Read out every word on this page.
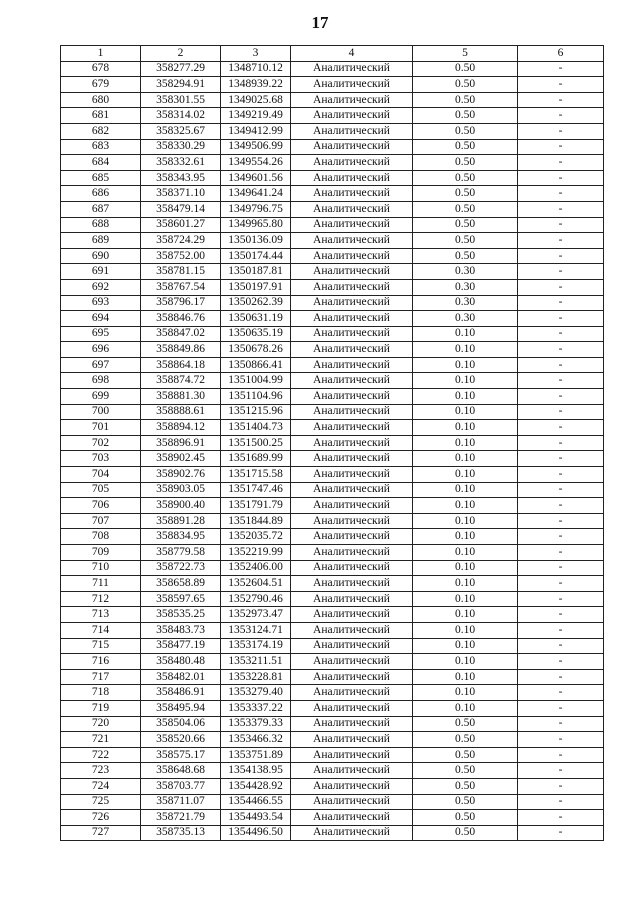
17
1	2	3	4	5	6
678	358277.29	1348710.12	Аналитический	0.50	-
679	358294.91	1348939.22	Аналитический	0.50	-
680	358301.55	1349025.68	Аналитический	0.50	-
681	358314.02	1349219.49	Аналитический	0.50	-
682	358325.67	1349412.99	Аналитический	0.50	-
683	358330.29	1349506.99	Аналитический	0.50	-
684	358332.61	1349554.26	Аналитический	0.50	-
685	358343.95	1349601.56	Аналитический	0.50	-
686	358371.10	1349641.24	Аналитический	0.50	-
687	358479.14	1349796.75	Аналитический	0.50	-
688	358601.27	1349965.80	Аналитический	0.50	-
689	358724.29	1350136.09	Аналитический	0.50	-
690	358752.00	1350174.44	Аналитический	0.50	-
691	358781.15	1350187.81	Аналитический	0.30	-
692	358767.54	1350197.91	Аналитический	0.30	-
693	358796.17	1350262.39	Аналитический	0.30	-
694	358846.76	1350631.19	Аналитический	0.30	-
695	358847.02	1350635.19	Аналитический	0.10	-
696	358849.86	1350678.26	Аналитический	0.10	-
697	358864.18	1350866.41	Аналитический	0.10	-
698	358874.72	1351004.99	Аналитический	0.10	-
699	358881.30	1351104.96	Аналитический	0.10	-
700	358888.61	1351215.96	Аналитический	0.10	-
701	358894.12	1351404.73	Аналитический	0.10	-
702	358896.91	1351500.25	Аналитический	0.10	-
703	358902.45	1351689.99	Аналитический	0.10	-
704	358902.76	1351715.58	Аналитический	0.10	-
705	358903.05	1351747.46	Аналитический	0.10	-
706	358900.40	1351791.79	Аналитический	0.10	-
707	358891.28	1351844.89	Аналитический	0.10	-
708	358834.95	1352035.72	Аналитический	0.10	-
709	358779.58	1352219.99	Аналитический	0.10	-
710	358722.73	1352406.00	Аналитический	0.10	-
711	358658.89	1352604.51	Аналитический	0.10	-
712	358597.65	1352790.46	Аналитический	0.10	-
713	358535.25	1352973.47	Аналитический	0.10	-
714	358483.73	1353124.71	Аналитический	0.10	-
715	358477.19	1353174.19	Аналитический	0.10	-
716	358480.48	1353211.51	Аналитический	0.10	-
717	358482.01	1353228.81	Аналитический	0.10	-
718	358486.91	1353279.40	Аналитический	0.10	-
719	358495.94	1353337.22	Аналитический	0.10	-
720	358504.06	1353379.33	Аналитический	0.50	-
721	358520.66	1353466.32	Аналитический	0.50	-
722	358575.17	1353751.89	Аналитический	0.50	-
723	358648.68	1354138.95	Аналитический	0.50	-
724	358703.77	1354428.92	Аналитический	0.50	-
725	358711.07	1354466.55	Аналитический	0.50	-
726	358721.79	1354493.54	Аналитический	0.50	-
727	358735.13	1354496.50	Аналитический	0.50	-
